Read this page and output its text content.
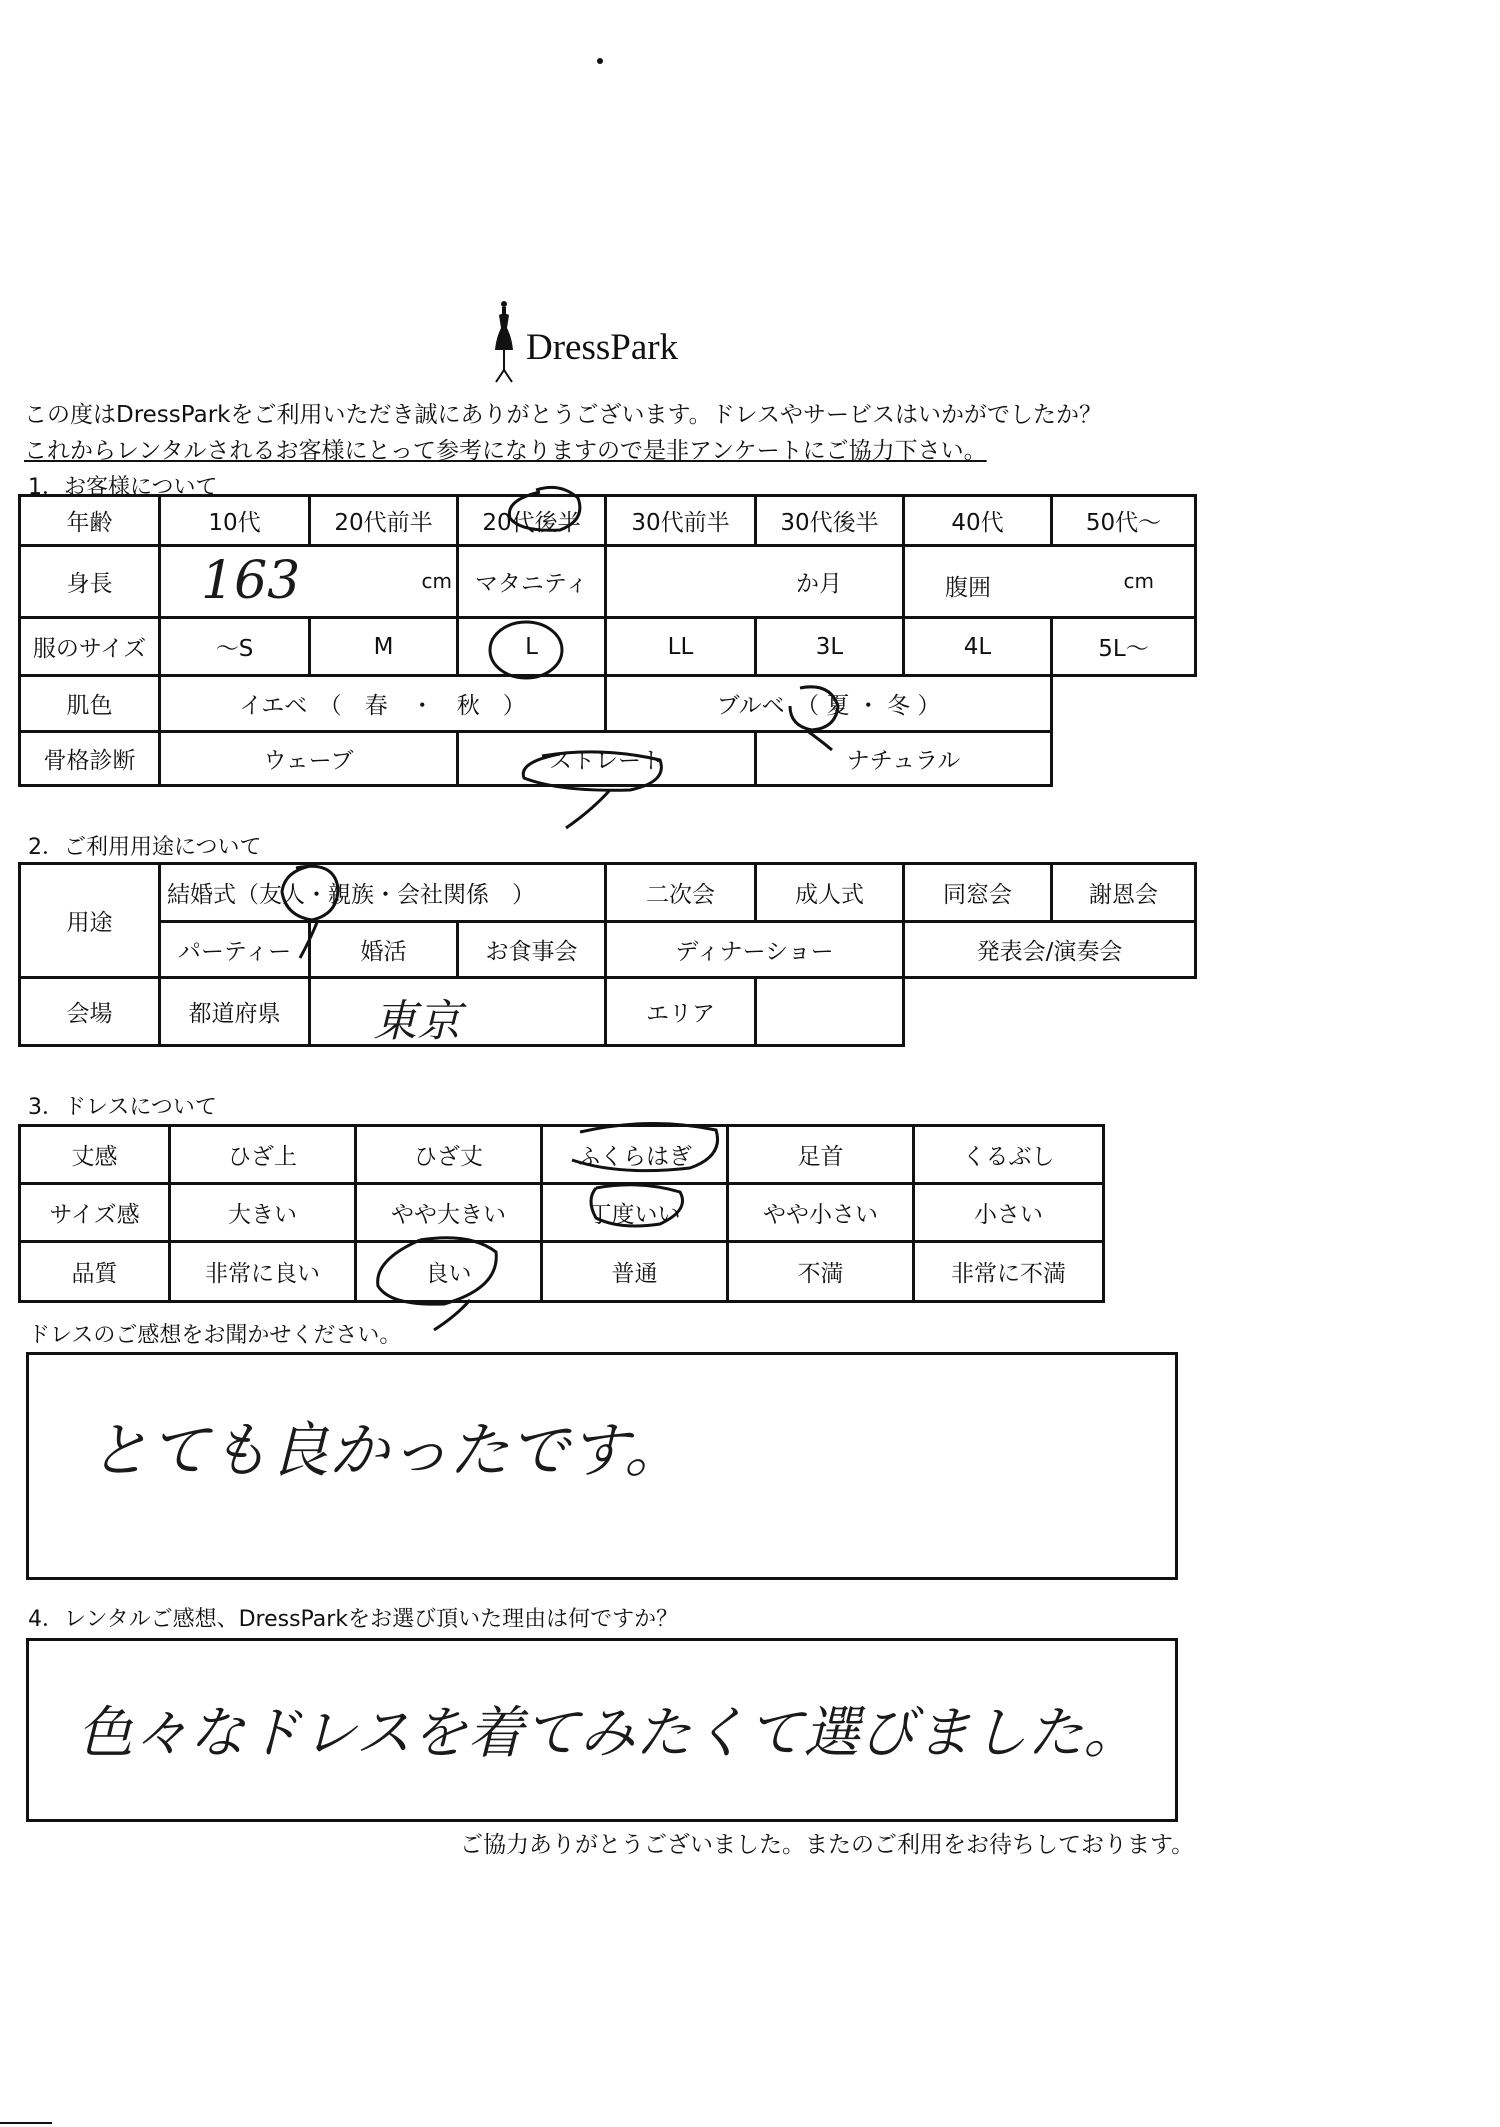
DressPark
この度はDressParkをご利用いただき誠にありがとうございます。ドレスやサービスはいかがでしたか？
これからレンタルされるお客様にとって参考になりますので是非アンケートにご協力下さい。
1．お客様について
年齢	10代	20代前半	20代後半	30代前半	30代後半	40代	50代～
身長	163 cm		マタニティ	か月		腹囲 cm	

服のサイズ	～S	M	L	LL	3L	4L	5L～
肌色	イエベ　（　春　・　秋　）			ブルベ　（ 夏 ・ 冬 ）			
骨格診断	ウェーブ		ストレート		ナチュラル		
2．ご利用用途について
用途	結婚式（友人・親族・会社関係　）			二次会	成人式	同窓会	謝恩会
	パーティー	婚活	お食事会	ディナーショー		発表会/演奏会	
会場	都道府県	東京		エリア			
3．ドレスについて
丈感	ひざ上	ひざ丈	ふくらはぎ	足首	くるぶし
サイズ感	大きい	やや大きい	丁度いい	やや小さい	小さい
品質	非常に良い	良い	普通	不満	非常に不満
ドレスのご感想をお聞かせください。
とても良かったです。
4．レンタルご感想、DressParkをお選び頂いた理由は何ですか？
色々なドレスを着てみたくて選びました。
ご協力ありがとうございました。またのご利用をお待ちしております。
